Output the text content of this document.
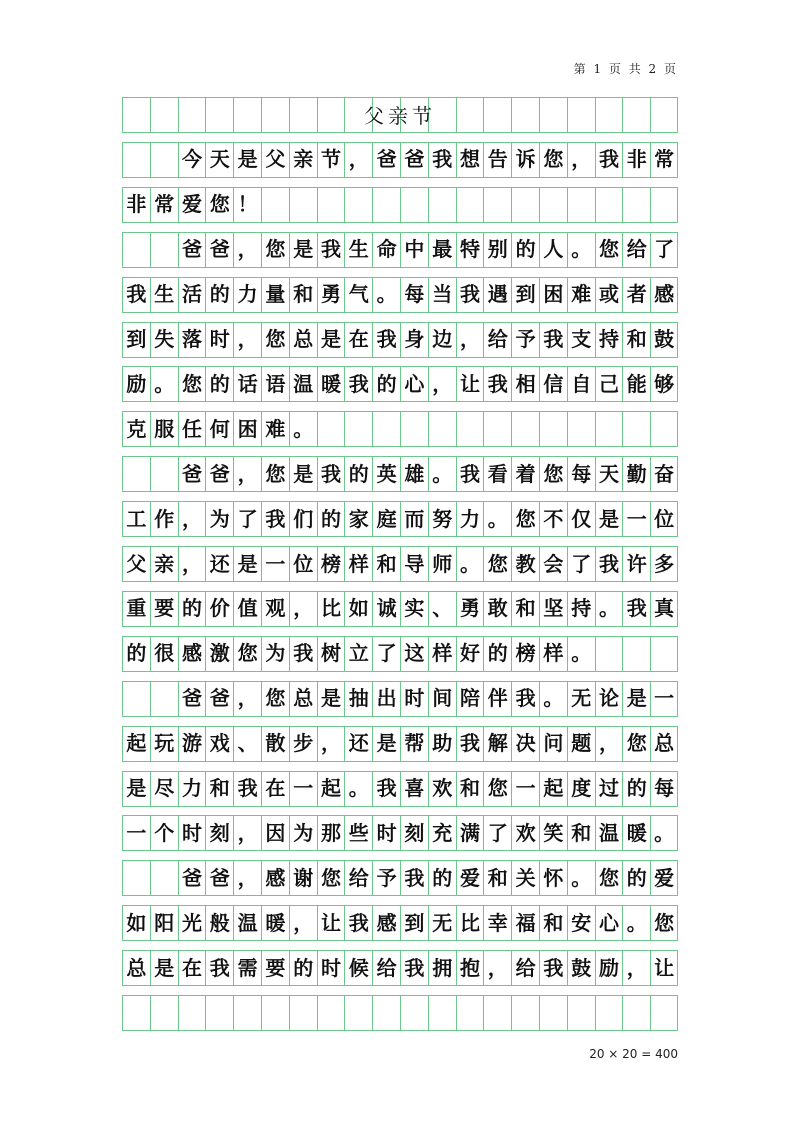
第 1 页 共 2 页
总 是 在 我 需 要 的 时 候 给 我 拥 抱 ， 给 我 鼓 励 ， 让
如 阳 光 般 温 暖 ， 让 我 感 到 无 比 幸 福 和 安 心 。 您
爸 爸 ， 感 谢 您 给 予 我 的 爱 和 关 怀 。 您 的 爱
一 个 时 刻 ， 因 为 那 些 时 刻 充 满 了 欢 笑 和 温 暖 。
是 尽 力 和 我 在 一 起 。 我 喜 欢 和 您 一 起 度 过 的 每
起 玩 游 戏 、 散 步 ， 还 是 帮 助 我 解 决 问 题 ， 您 总
爸 爸 ， 您 总 是 抽 出 时 间 陪 伴 我 。 无 论 是 一
的 很 感 激 您 为 我 树 立 了 这 样 好 的 榜 样 。
重 要 的 价 值 观 ， 比 如 诚 实 、 勇 敢 和 坚 持 。 我 真
父 亲 ， 还 是 一 位 榜 样 和 导 师 。 您 教 会 了 我 许 多
工 作 ， 为 了 我 们 的 家 庭 而 努 力 。 您 不 仅 是 一 位
爸 爸 ， 您 是 我 的 英 雄 。 我 看 着 您 每 天 勤 奋
克 服 任 何 困 难 。
励 。 您 的 话 语 温 暖 我 的 心 ， 让 我 相 信 自 己 能 够
到 失 落 时 ， 您 总 是 在 我 身 边 ， 给 予 我 支 持 和 鼓
我 生 活 的 力 量 和 勇 气 。 每 当 我 遇 到 困 难 或 者 感
爸 爸 ， 您 是 我 生 命 中 最 特 别 的 人 。 您 给 了
非 常 爱 您 ！
今 天 是 父 亲 节 ， 爸 爸 我 想 告 诉 您 ， 我 非 常
父亲节
20 × 20 = 400
